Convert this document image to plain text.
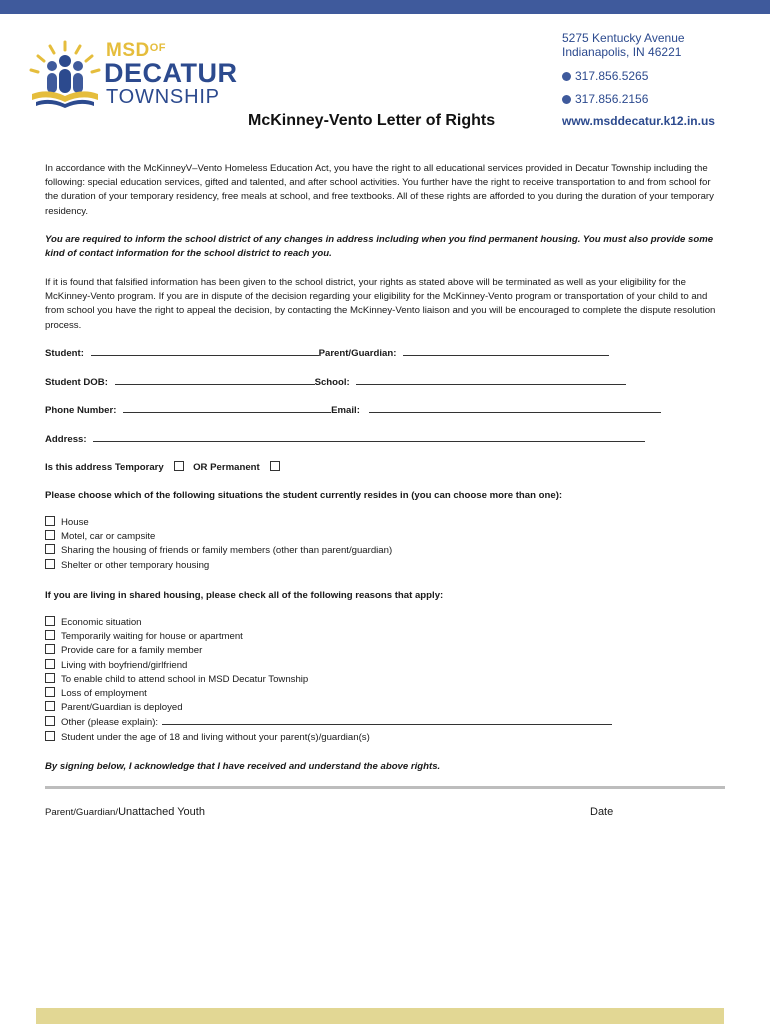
$MSD^{OF}$
DECATUR
TOWNSHIP
5275 Kentucky Avenue
Indianapolis, IN 46221
317.856.5265
317.856.2156
www.msddecatur.k12.in.us
McKinney-Vento Letter of Rights
In accordance with the McKinneyV–Vento Homeless Education Act, you have the right to all educational services provided in Decatur Township including the following: special education services, gifted and talented, and after school activities. You further have the right to receive transportation to and from school for the duration of your temporary residency, free meals at school, and free textbooks. All of these rights are afforded to you during the duration of your temporary residency.
You are required to inform the school district of any changes in address including when you find permanent housing. You must also provide some kind of contact information for the school district to reach you.
If it is found that falsified information has been given to the school district, your rights as stated above will be terminated as well as your eligibility for the McKinney-Vento program. If you are in dispute of the decision regarding your eligibility for the McKinney-Vento program or transportation of your child to and from school you have the right to appeal the decision, by contacting the McKinney-Vento liaison and you will be encouraged to complete the dispute resolution process.
Student:	Parent/Guardian:
Student DOB:	School:
Phone Number:	Email:
Address:
Is this address Temporary	OR Permanent
Please choose which of the following situations the student currently resides in (you can choose more than one):
House
Motel, car or campsite
Sharing the housing of friends or family members (other than parent/guardian)
Shelter or other temporary housing
If you are living in shared housing, please check all of the following reasons that apply:
Economic situation
Temporarily waiting for house or apartment
Provide care for a family member
Living with boyfriend/girlfriend
To enable child to attend school in MSD Decatur Township
Loss of employment
Parent/Guardian is deployed
Other (please explain):
Student under the age of 18 and living without your parent(s)/guardian(s)
By signing below, I acknowledge that I have received and understand the above rights.
Parent/Guardian/Unattached Youth	Date
